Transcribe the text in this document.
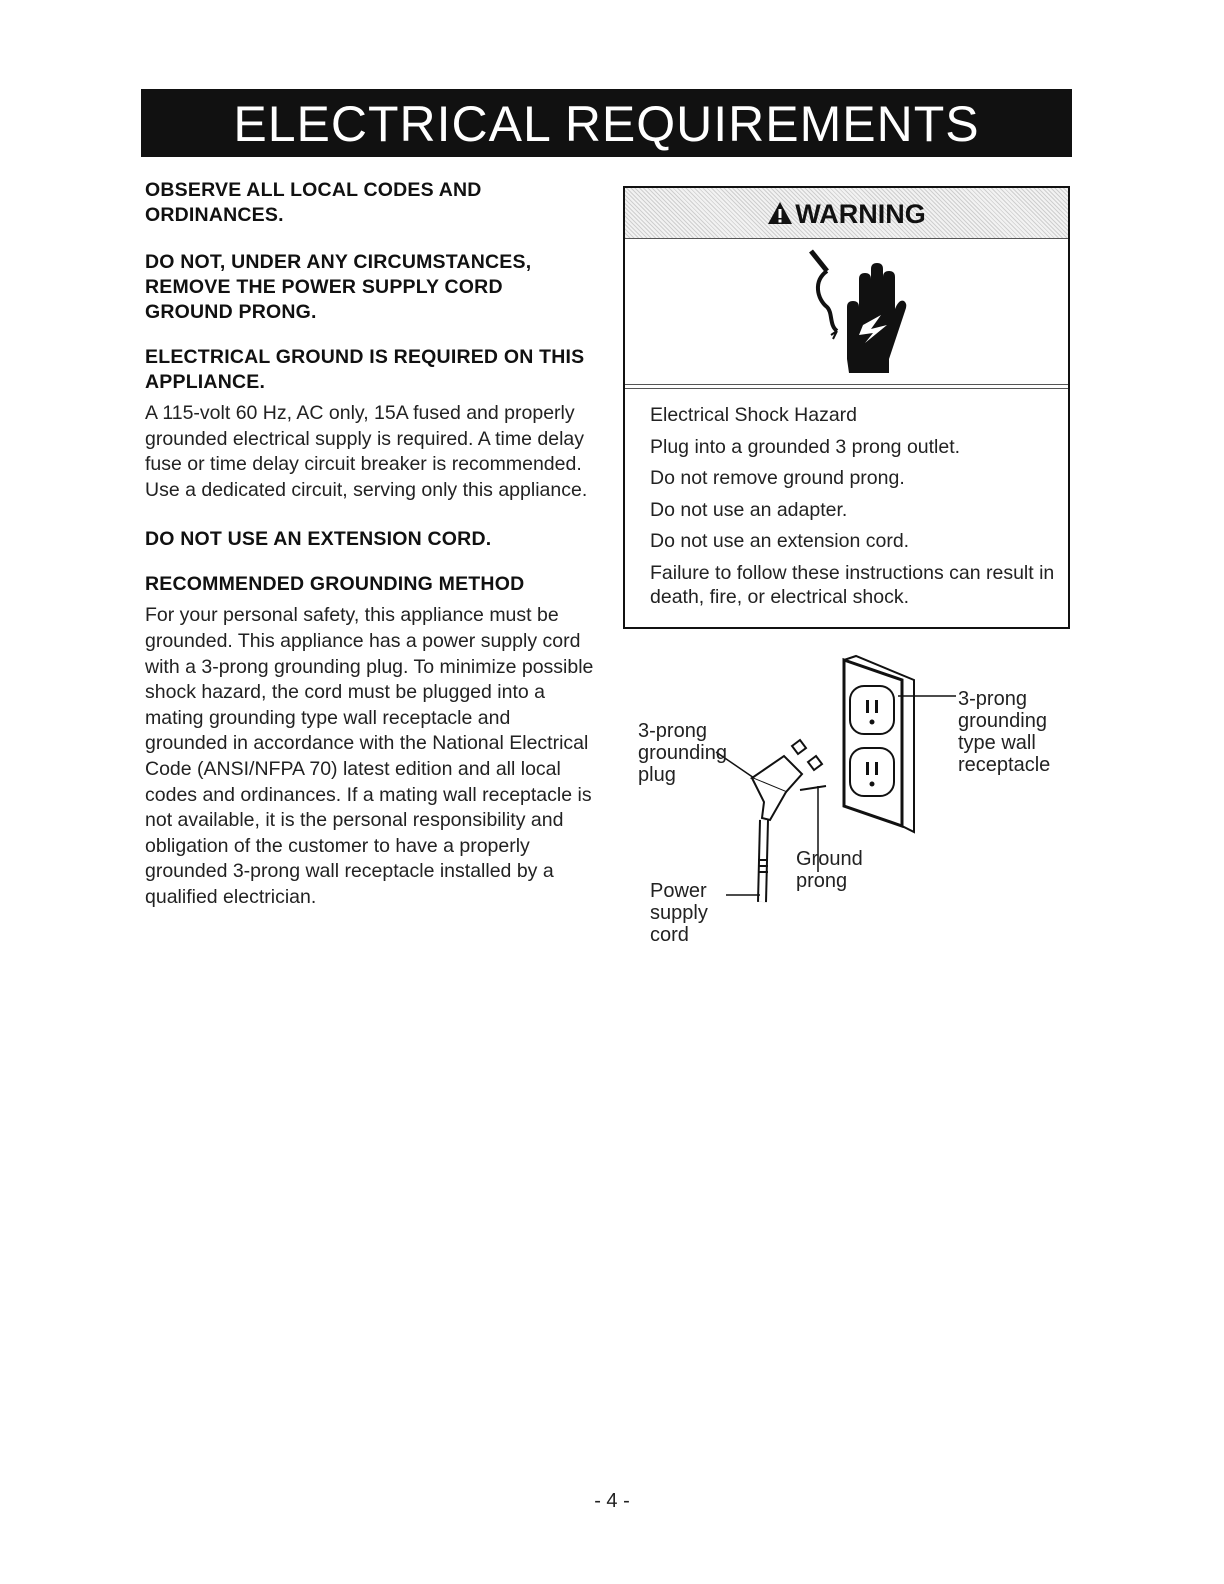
ELECTRICAL REQUIREMENTS

OBSERVE ALL LOCAL CODES AND ORDINANCES.

DO NOT, UNDER ANY CIRCUMSTANCES, REMOVE THE POWER SUPPLY CORD GROUND PRONG.

ELECTRICAL GROUND IS REQUIRED ON THIS APPLIANCE.

A 115-volt 60 Hz, AC only, 15A fused and properly grounded electrical supply is required. A time delay fuse or time delay circuit breaker is recommended. Use a dedicated circuit, serving only this appliance.

DO NOT USE AN EXTENSION CORD.

RECOMMENDED GROUNDING METHOD

For your personal safety, this appliance must be grounded. This appliance has a power supply cord with a 3-prong grounding plug. To minimize possible shock hazard, the cord must be plugged into a mating grounding type wall receptacle and grounded in accordance with the National Electrical Code (ANSI/NFPA 70) latest edition and all local codes and ordinances. If a mating wall receptacle is not available, it is the personal responsibility and obligation of the customer to have a properly grounded 3-prong wall receptacle installed by a qualified electrician.

WARNING
Electrical Shock Hazard
Plug into a grounded 3 prong outlet.
Do not remove ground prong.
Do not use an adapter.
Do not use an extension cord.
Failure to follow these instructions can result in death, fire, or electrical shock.
3-prong
grounding
type wall
receptacle
3-prong
grounding
plug
Ground
prong
Power
supply
cord
- 4 -
